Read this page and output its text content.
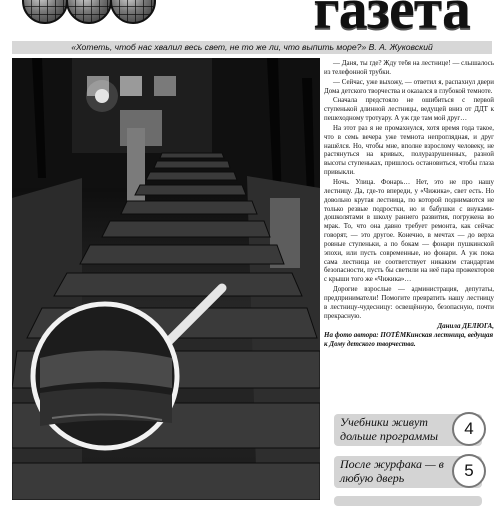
газета
«Хотеть, чтоб нас хвалил весь свет, не то же ли, что выпить море?» В. А. Жуковский

— Даня, ты где? Жду тебя на лестнице! — слышалось из телефонной трубки.

— Сейчас, уже выхожу, — ответил я, распахнул двери Дома детского творчества и оказался в глубокой темноте.

Сначала предстояло не ошибиться с первой ступенькой длинной лестницы, ведущей вниз от ДДТ к пешеходному тротуару. А уж где там мой друг…

На этот раз я не промахнулся, хотя время года такое, что в семь вечера уже темнота непроглядная, и друг нашёлся. Но, чтобы мне, вполне взрослому человеку, не растянуться на кривых, полуразрушенных, разной высоты ступеньках, пришлось остановиться, чтобы глаза привыкли.

Ночь. Улица. Фонарь… Нет, это не про нашу лестницу. Да, где-то впереди, у «Чижика», свет есть. Но довольно крутая лестница, по которой поднимаются не только резвые подростки, но и бабушки с внуками-дошколятами в школу раннего развития, погружена во мрак. То, что она давно требует ремонта, как сейчас говорят, — это другое. Конечно, в мечтах — до верха ровные ступеньки, а по бокам — фонари пушкинской эпохи, или пусть современные, но фонари. А уж пока сама лестница не соответствует никаким стандартам безопасности, пусть бы светили на неё пара прожекторов с крыши того же «Чижика»…

Дорогие взрослые — администрация, депутаты, предприниматели! Помогите превратить нашу лестницу в лестницу-чудесницу: освещённую, безопасную, почти прекрасную.

Данила ДЕЛЮГА,
На фото автора: ПОТЁМКинская лестница, ведущая к Дому детского творчества.
Учебники живут дольше программы	4
После журфака — в любую дверь	5
